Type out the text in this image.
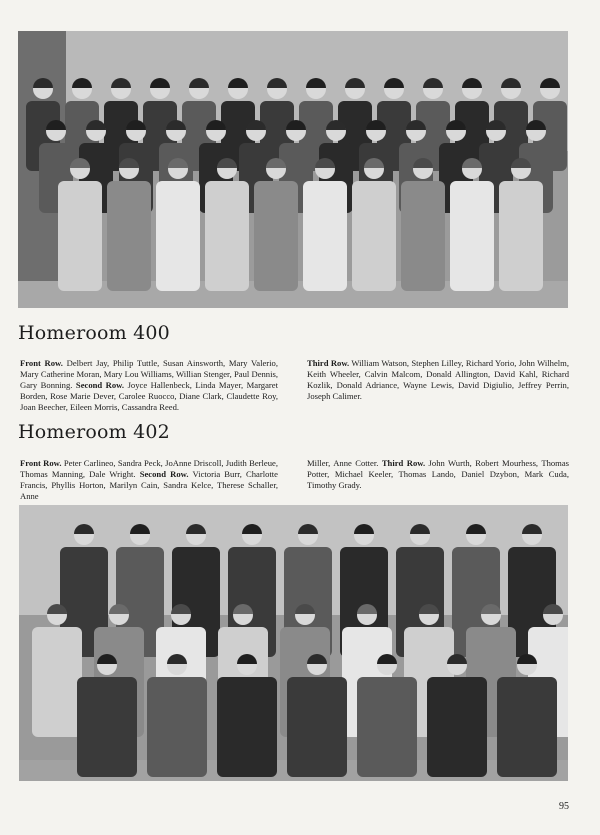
Homeroom 400

Front Row. Delbert Jay, Philip Tuttle, Susan Ainsworth, Mary Valerio, Mary Catherine Moran, Mary Lou Williams, Willian Stenger, Paul Dennis, Gary Bonning. Second Row. Joyce Hallenbeck, Linda Mayer, Margaret Borden, Rose Marie Dever, Carolee Ruocco, Diane Clark, Claudette Roy, Joan Beecher, Eileen Morris, Cassandra Reed.

Third Row. William Watson, Stephen Lilley, Richard Yorio, John Wilhelm, Keith Wheeler, Calvin Malcom, Donald Allington, David Kahl, Richard Kozlik, Donald Adriance, Wayne Lewis, David Digiulio, Jeffrey Perrin, Joseph Calimer.

Homeroom 402

Front Row. Peter Carlineo, Sandra Peck, JoAnne Driscoll, Judith Berleue, Thomas Manning, Dale Wright. Second Row. Victoria Burr, Charlotte Francis, Phyllis Horton, Marilyn Cain, Sandra Kelce, Therese Schaller, Anne

Miller, Anne Cotter. Third Row. John Wurth, Robert Mourhess, Thomas Potter, Michael Keeler, Thomas Lando, Daniel Dzybon, Mark Cuda, Timothy Grady.

95
